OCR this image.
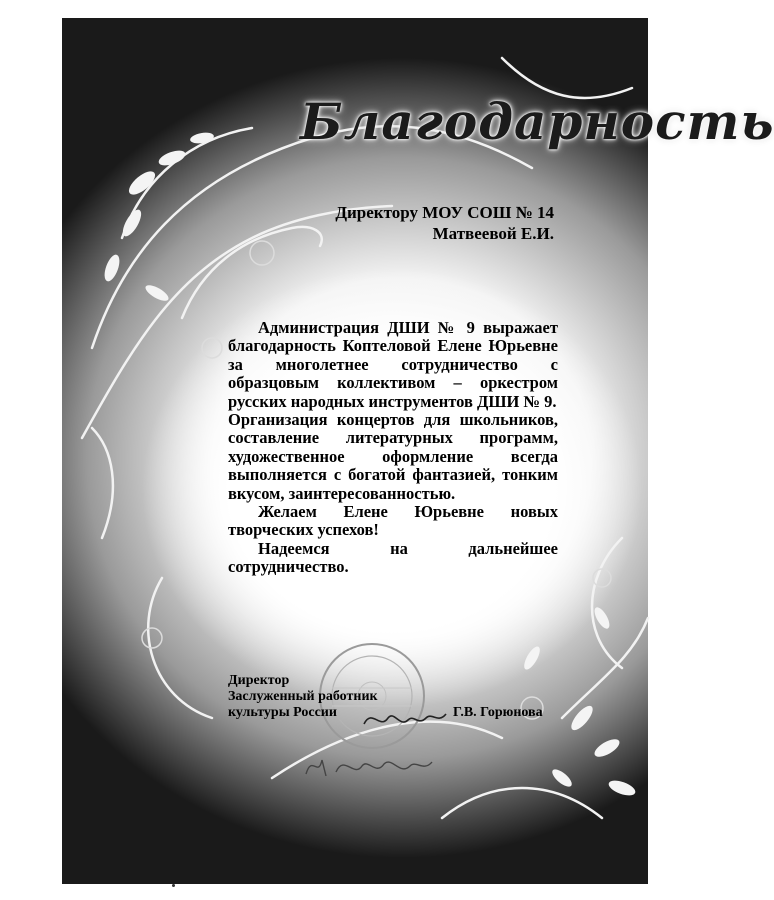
Благодарность
Директору МОУ СОШ № 14
Матвеевой Е.И.

Администрация ДШИ № 9 выражает благодарность Коптеловой Елене Юрьевне за многолетнее сотрудничество с образцовым коллективом – оркестром русских народных инструментов ДШИ № 9.

Организация концертов для школьников, составление литературных программ, художественное оформление всегда выполняется с богатой фантазией, тонким вкусом, заинтересованностью.

Желаем Елене Юрьевне новых творческих успехов!

Надеемся на дальнейшее сотрудничество.

Директор
Заслуженный работник
культуры России	Г.В. Горюнова
